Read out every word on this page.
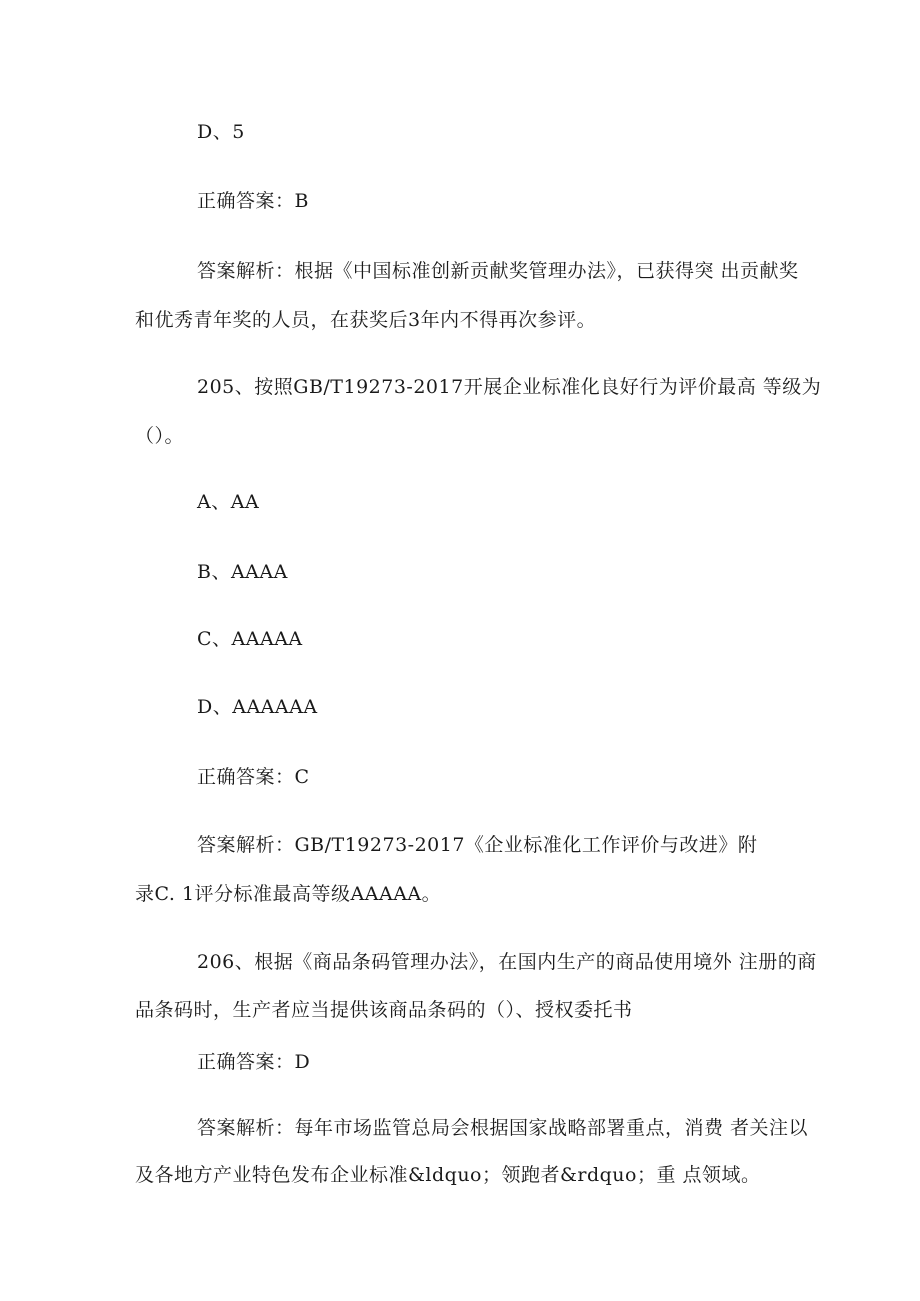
D、5
正确答案：B
答案解析：根据《中国标准创新贡献奖管理办法》，已获得突 出贡献奖
和优秀青年奖的人员，在获奖后3年内不得再次参评。
205、按照GB/T19273-2017开展企业标准化良好行为评价最高 等级为
（）。
A、AA
B、AAAA
C、AAAAA
D、AAAAAA
正确答案：C
答案解析：GB/T19273-2017《企业标准化工作评价与改进》附
录C. 1评分标准最高等级AAAAA。
206、根据《商品条码管理办法》，在国内生产的商品使用境外 注册的商
品条码时，生产者应当提供该商品条码的（）、授权委托书
正确答案：D
答案解析：每年市场监管总局会根据国家战略部署重点，消费 者关注以
及各地方产业特色发布企业标准&ldquo；领跑者&rdquo；重 点领域。
